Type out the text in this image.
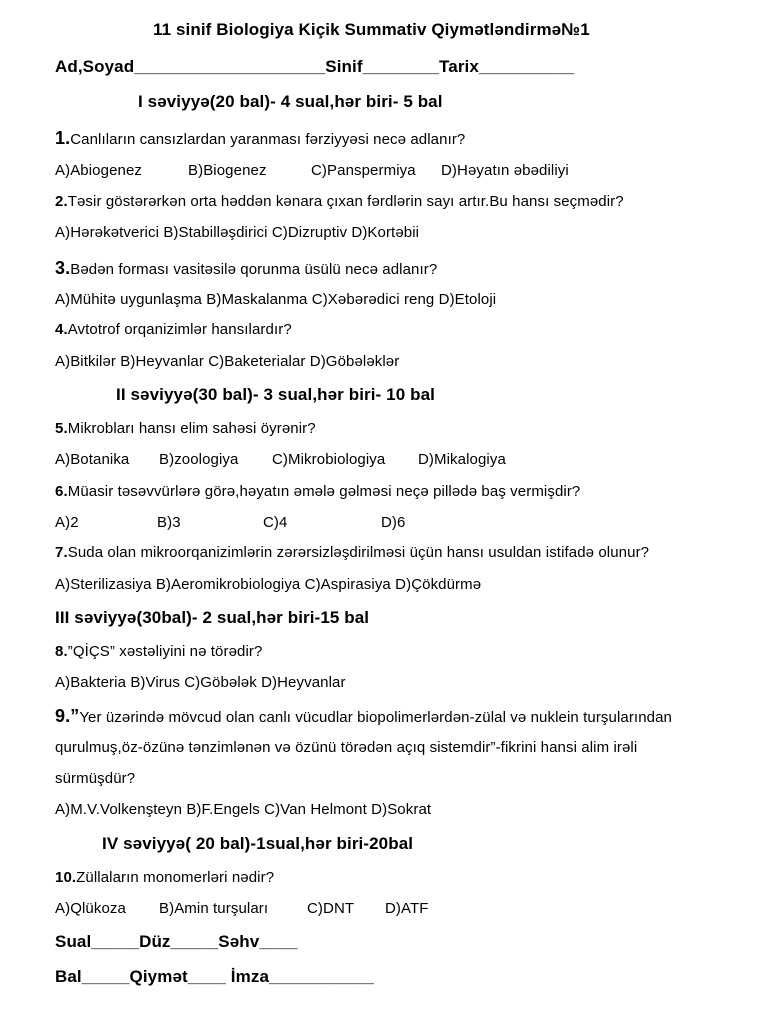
11 sinif Biologiya Kiçik Summativ Qiymətləndirmə№1
Ad,Soyad____________________Sinif________Tarix__________
I səviyyə(20 bal)- 4 sual,hər biri- 5 bal
1.Canlıların cansızlardan yaranması fərziyyəsi necə adlanır?
A)Abiogenez	B)Biogenez	C)Panspermiya D)Həyatın əbədiliyi
2.Təsir göstərərkən orta həddən kənara çıxan fərdlərin sayı artır.Bu hansı seçmədir?
A)Hərəkətverici B)Stabilləşdirici C)Dizruptiv D)Kortəbii
3.Bədən forması vasitəsilə qorunma üsülü necə adlanır?
A)Mühitə uygunlaşma B)Maskalanma C)Xəbərədici reng D)Etoloji
4.Avtotrof orqanizimlər hansılardır?
A)Bitkilər B)Heyvanlar C)Baketerialar D)Göbələklər
II səviyyə(30 bal)- 3 sual,hər biri- 10 bal
5.Mikrobları hansı elim sahəsi öyrənir?
A)Botanika B)zoologiya C)Mikrobiologiya D)Mikalogiya
6.Müasir təsəvvürlərə görə,həyatın əmələ gəlməsi neçə pillədə baş vermişdir?
A)2	B)3	C)4	D)6
7.Suda olan mikroorqanizimlərin zərərsizləşdirilməsi üçün hansı usuldan istifadə olunur?
A)Sterilizasiya B)Aeromikrobiologiya C)Aspirasiya D)Çökdürmə
III səviyyə(30bal)- 2 sual,hər biri-15 bal
8.”QİÇS” xəstəliyini nə törədir?
A)Bakteria B)Virus C)Göbələk D)Heyvanlar
9.”Yer üzərində mövcud olan canlı vücudlar biopolimerlərdən-zülal və nuklein turşularından
qurulmuş,öz-özünə tənzimlənən və özünü törədən açıq sistemdir”-fikrini hansi alim irəli
sürmüşdür?
A)M.V.Volkenşteyn B)F.Engels C)Van Helmont D)Sokrat
IV səviyyə( 20 bal)-1sual,hər biri-20bal
10.Züllaların monomerləri nədir?
A)Qlükoza B)Amin turşuları	C)DNT D)ATF
Sual_____Düz_____Səhv____
Bal_____Qiymət____ İmza___________
